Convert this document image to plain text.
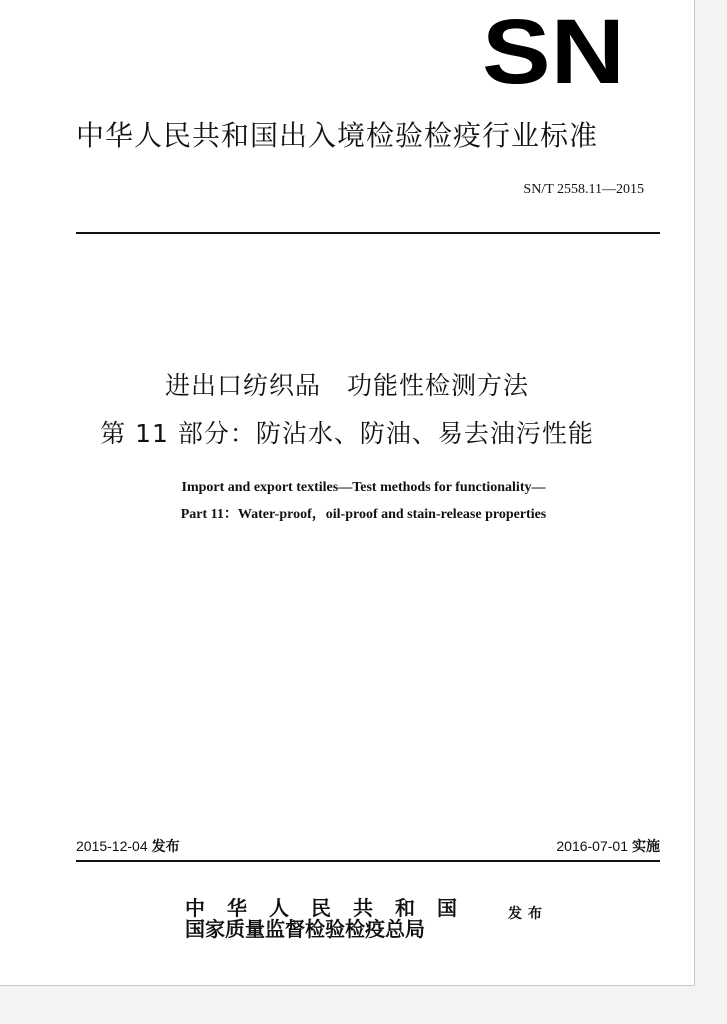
SN
中华人民共和国出入境检验检疫行业标准
SN/T 2558.11—2015
进出口纺织品　功能性检测方法
第 11 部分：防沾水、防油、易去油污性能
Import and export textiles—Test methods for functionality—
Part 11：Water-proof，oil-proof and stain-release properties
2015-12-04 发布	2016-07-01 实施
中华人民共和国
国家质量监督检验检疫总局
发布
